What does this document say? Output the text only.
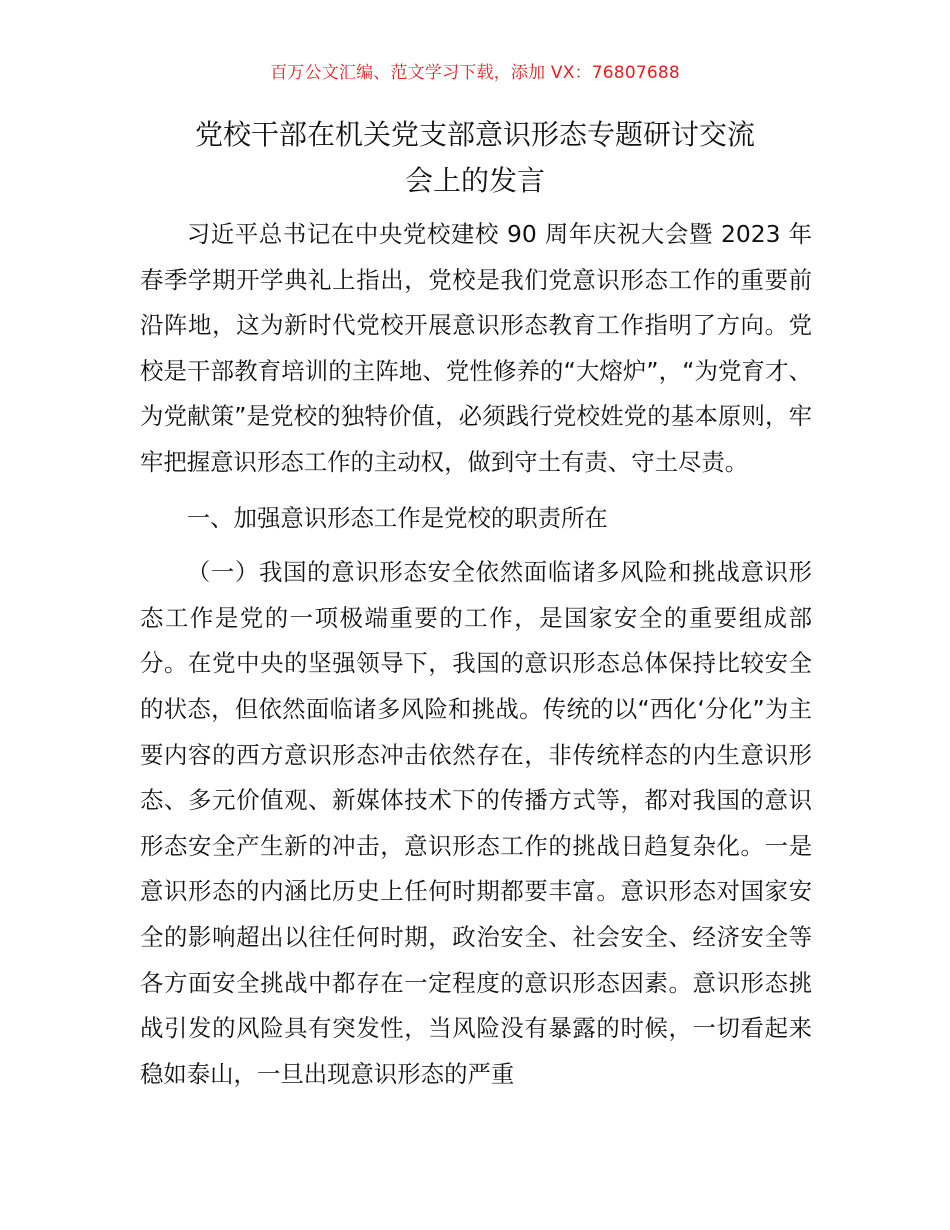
百万公文汇编、范文学习下载，添加 VX：76807688
党校干部在机关党支部意识形态专题研讨交流
会上的发言

习近平总书记在中央党校建校 90 周年庆祝大会暨 2023 年春季学期开学典礼上指出，党校是我们党意识形态工作的重要前沿阵地，这为新时代党校开展意识形态教育工作指明了方向。党校是干部教育培训的主阵地、党性修养的“大熔炉”，“为党育才、为党献策”是党校的独特价值，必须践行党校姓党的基本原则，牢牢把握意识形态工作的主动权，做到守土有责、守土尽责。

一、加强意识形态工作是党校的职责所在

（一）我国的意识形态安全依然面临诸多风险和挑战意识形态工作是党的一项极端重要的工作，是国家安全的重要组成部分。在党中央的坚强领导下，我国的意识形态总体保持比较安全的状态，但依然面临诸多风险和挑战。传统的以“西化‘分化”为主要内容的西方意识形态冲击依然存在，非传统样态的内生意识形态、多元价值观、新媒体技术下的传播方式等，都对我国的意识形态安全产生新的冲击，意识形态工作的挑战日趋复杂化。一是意识形态的内涵比历史上任何时期都要丰富。意识形态对国家安全的影响超出以往任何时期，政治安全、社会安全、经济安全等各方面安全挑战中都存在一定程度的意识形态因素。意识形态挑战引发的风险具有突发性，当风险没有暴露的时候，一切看起来稳如泰山，一旦出现意识形态的严重
